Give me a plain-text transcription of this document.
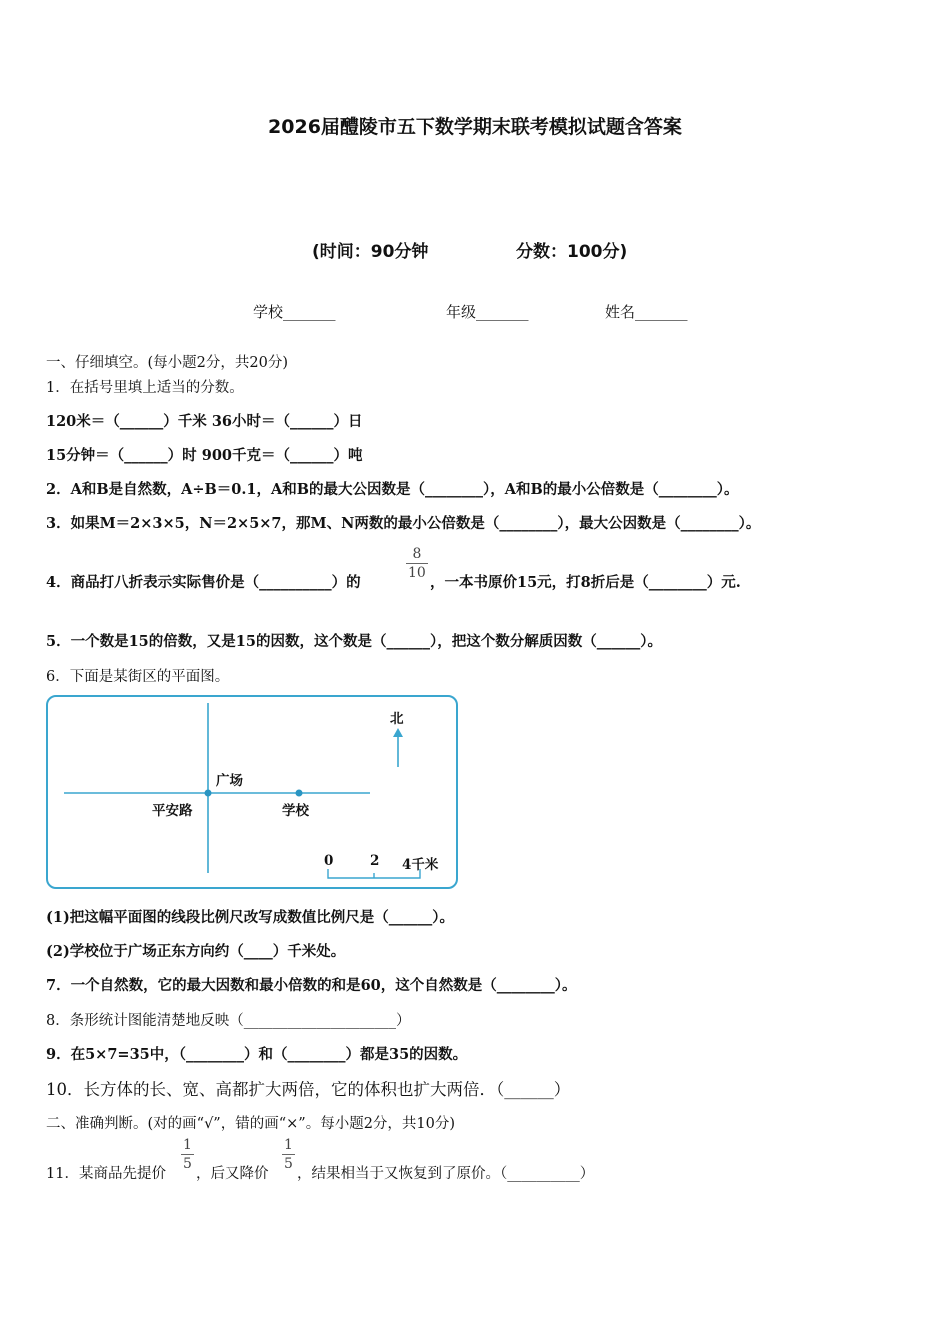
2026届醴陵市五下数学期末联考模拟试题含答案
(时间：90分钟	分数：100分)
学校_______	年级_______	姓名_______
一、仔细填空。(每小题2分，共20分)
1．在括号里填上适当的分数。
120米＝（______）千米 36小时＝（______）日
15分钟＝（______）时 900千克＝（______）吨
2．A和B是自然数，A÷B＝0.1，A和B的最大公因数是（________），A和B的最小公倍数是（________）。
3．如果M＝2×3×5，N＝2×5×7，那M、N两数的最小公倍数是（________），最大公因数是（________）。
4．商品打八折表示实际售价是（__________）的
$\frac{8}{10}$
，一本书原价15元，打8折后是（________）元.
5．一个数是15的倍数，又是15的因数，这个数是（______），把这个数分解质因数（______）。
6．下面是某街区的平面图。
北
广场
平安路	学校
0	2 4千米
(1)把这幅平面图的线段比例尺改写成数值比例尺是（______）。
(2)学校位于广场正东方向约（____）千米处。
7．一个自然数，它的最大因数和最小倍数的和是60，这个自然数是（________）。
8．条形统计图能清楚地反映（_____________________）
9．在5×7=35中，（________）和（________）都是35的因数。
10．长方体的长、宽、高都扩大两倍，它的体积也扩大两倍．（______）
二、准确判断。(对的画“√”，错的画“×”。每小题2分，共10分)
11．某商品先提价
$\frac{1}{5}$
，后又降价
$\frac{1}{5}$
，结果相当于又恢复到了原价。（__________）
